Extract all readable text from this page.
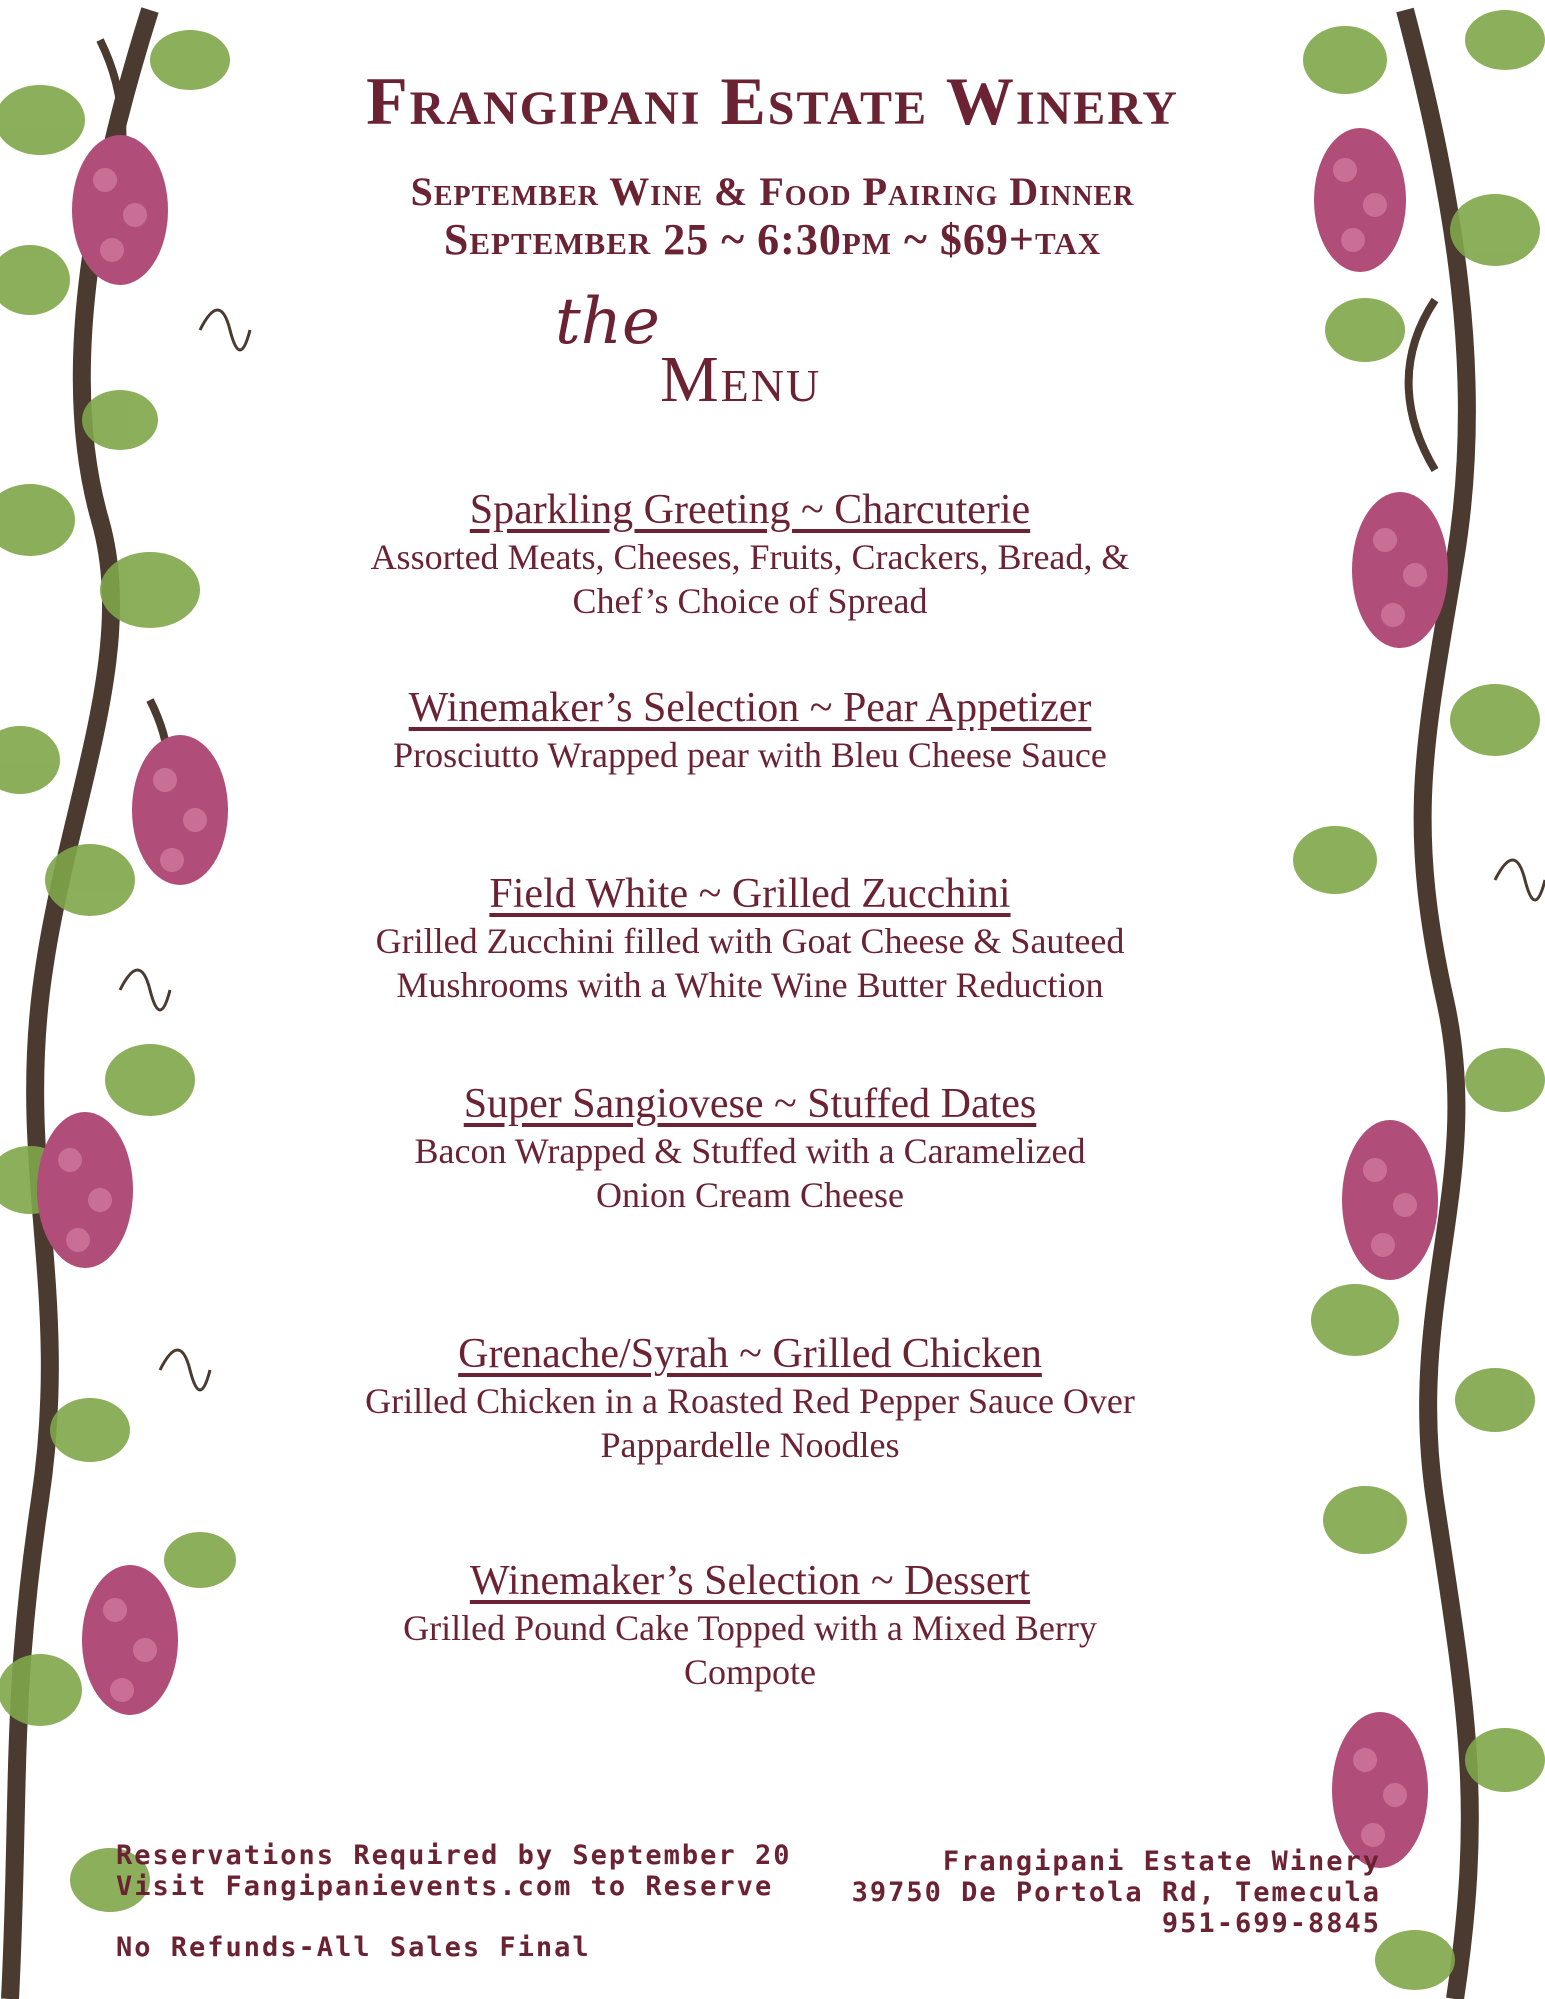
Frangipani Estate Winery
September Wine & Food Pairing Dinner
September 25 ~ 6:30pm ~ $69+tax
the
Menu
Sparkling Greeting ~ Charcuterie
Assorted Meats, Cheeses, Fruits, Crackers, Bread, &
Chef’s Choice of Spread
Winemaker’s Selection ~ Pear Appetizer
Prosciutto Wrapped pear with Bleu Cheese Sauce
Field White ~ Grilled Zucchini
Grilled Zucchini filled with Goat Cheese & Sauteed
Mushrooms with a White Wine Butter Reduction
Super Sangiovese ~ Stuffed Dates
Bacon Wrapped & Stuffed with a Caramelized
Onion Cream Cheese
Grenache/Syrah ~ Grilled Chicken
Grilled Chicken in a Roasted Red Pepper Sauce Over
Pappardelle Noodles
Winemaker’s Selection ~ Dessert
Grilled Pound Cake Topped with a Mixed Berry
Compote
Reservations Required by September 20
Visit Fangipanievents.com to Reserve
No Refunds-All Sales Final
Frangipani Estate Winery
39750 De Portola Rd, Temecula
951-699-8845
